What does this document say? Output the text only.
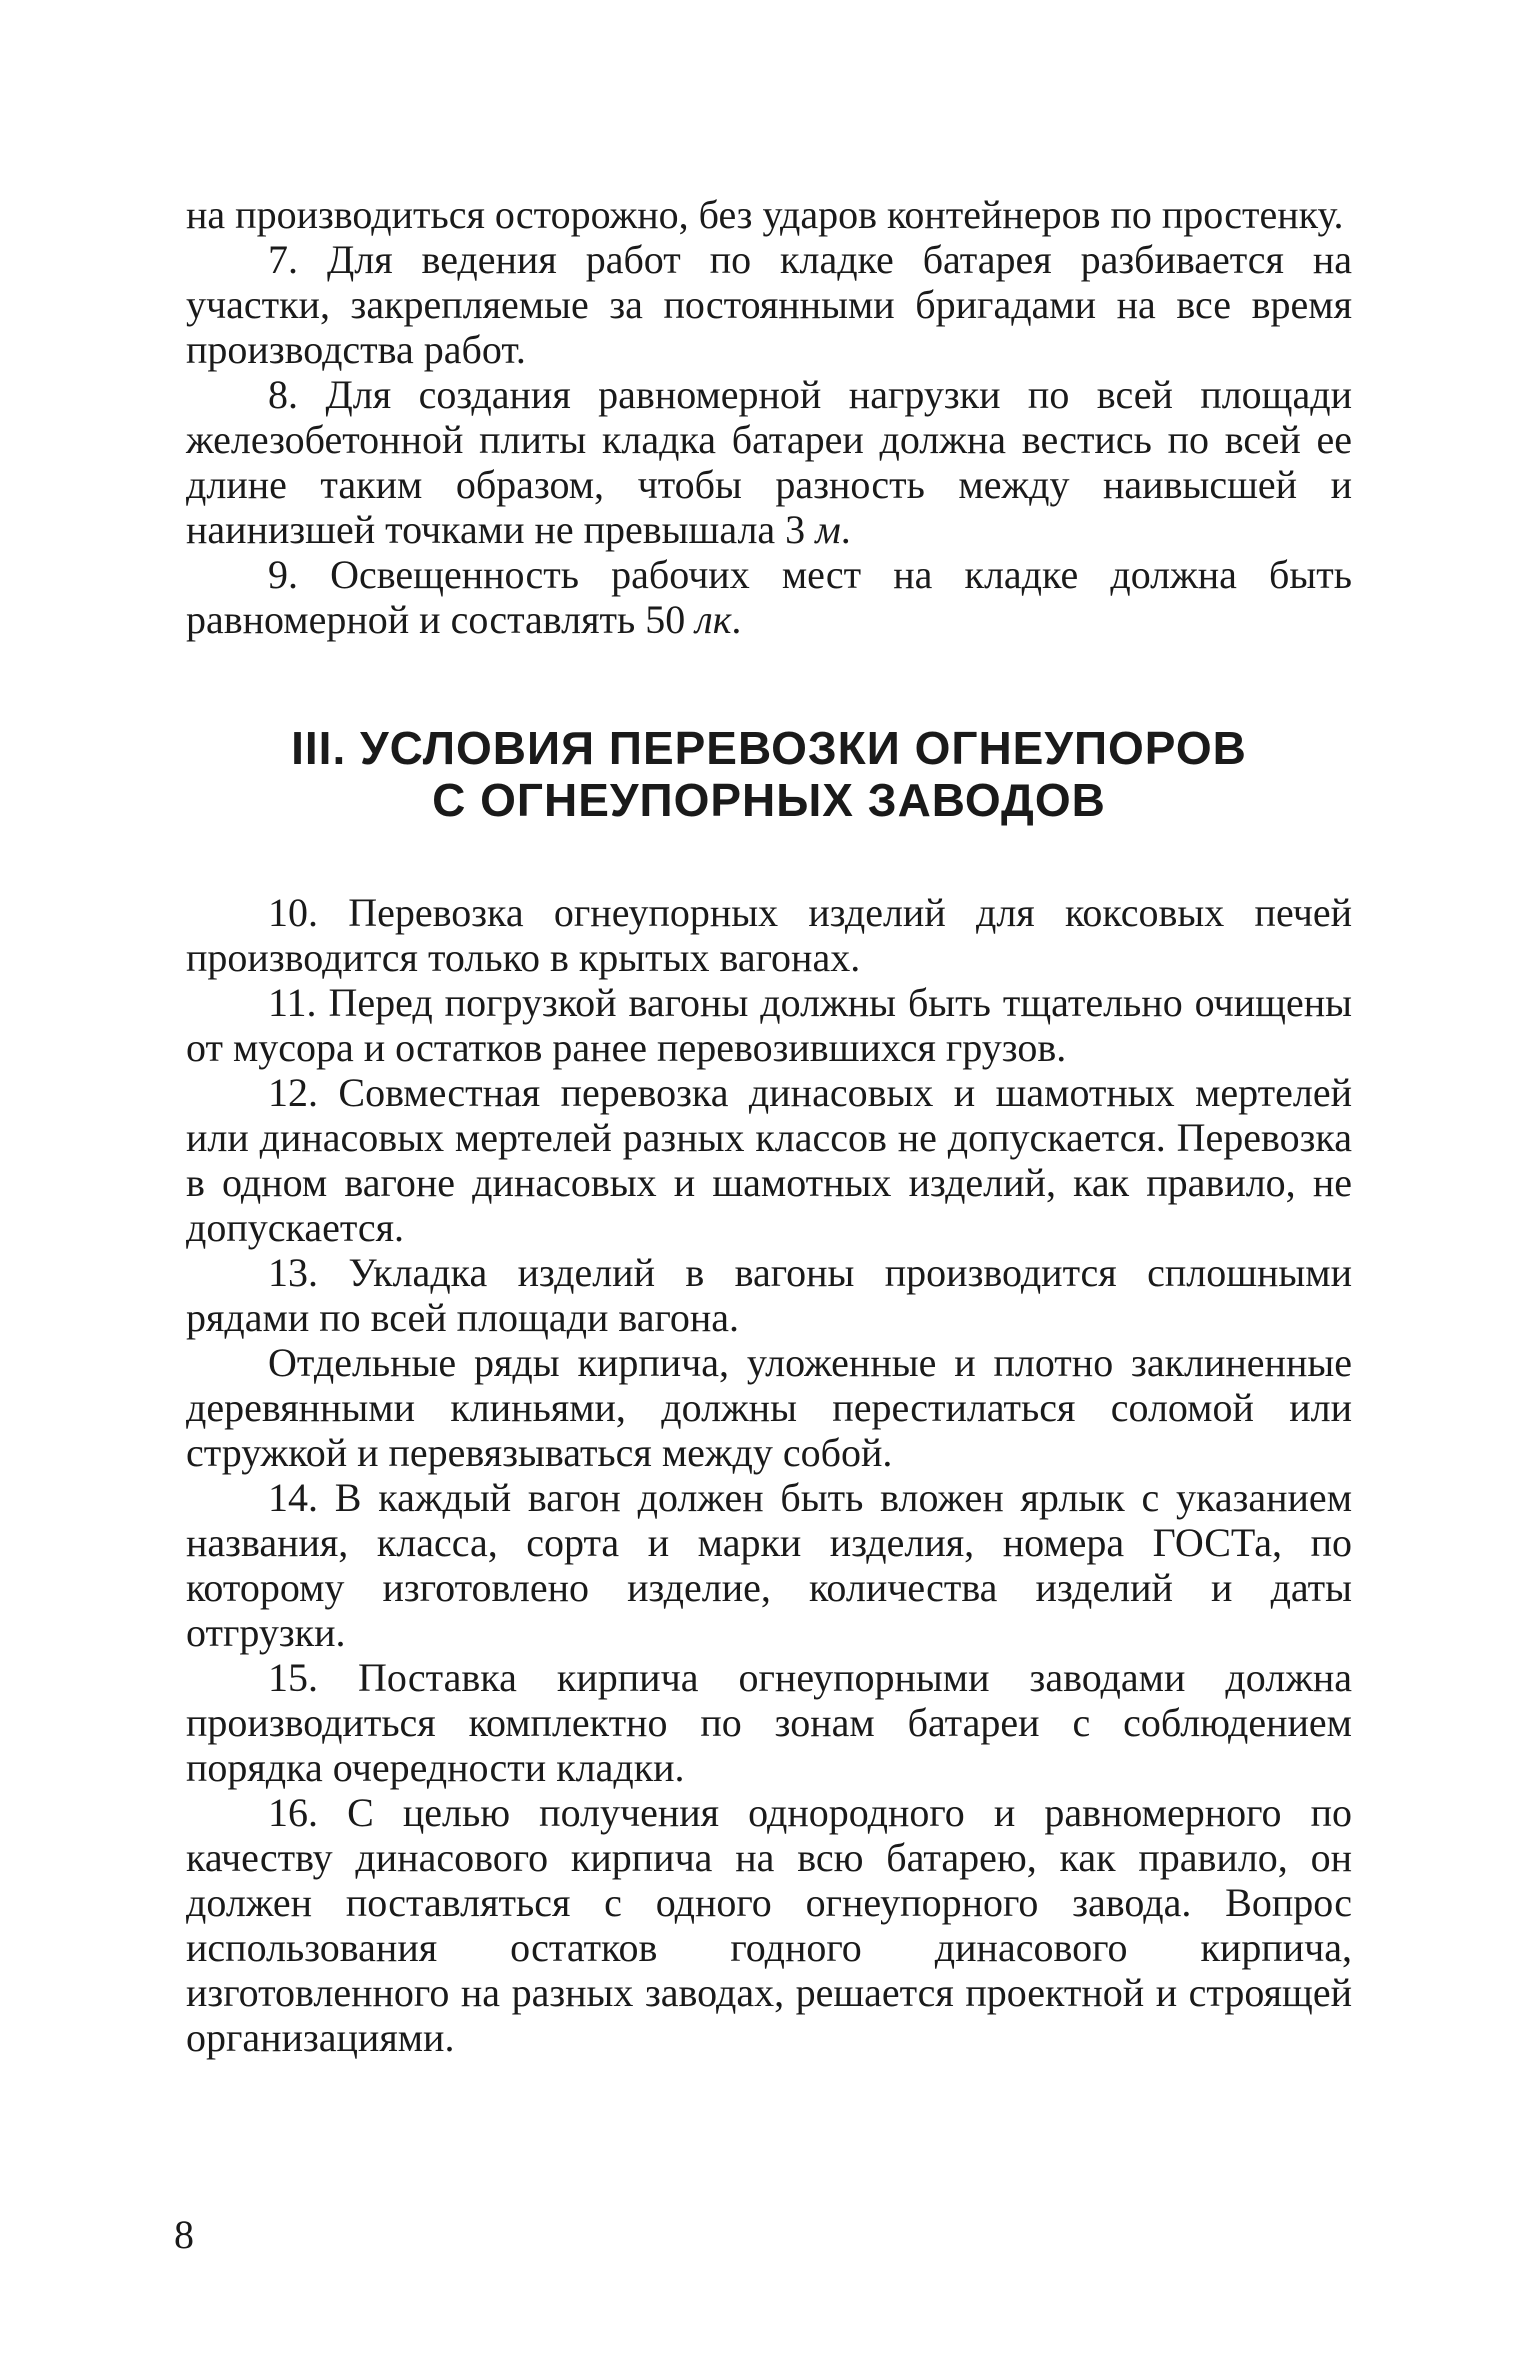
на производиться осторожно, без ударов контейнеров по простенку.

7. Для ведения работ по кладке батарея разбивается на участки, закрепляемые за постоянными бригадами на все время производства работ.

8. Для создания равномерной нагрузки по всей площади железобетонной плиты кладка батареи должна вестись по всей ее длине таким образом, чтобы разность между наивысшей и наинизшей точками не превышала 3 м.

9. Освещенность рабочих мест на кладке должна быть равномерной и составлять 50 лк.

III. УСЛОВИЯ ПЕРЕВОЗКИ ОГНЕУПОРОВ
С ОГНЕУПОРНЫХ ЗАВОДОВ

10. Перевозка огнеупорных изделий для коксовых печей производится только в крытых вагонах.

11. Перед погрузкой вагоны должны быть тщательно очищены от мусора и остатков ранее перевозившихся грузов.

12. Совместная перевозка динасовых и шамотных мертелей или динасовых мертелей разных классов не допускается. Перевозка в одном вагоне динасовых и шамотных изделий, как правило, не допускается.

13. Укладка изделий в вагоны производится сплошными рядами по всей площади вагона.

Отдельные ряды кирпича, уложенные и плотно заклиненные деревянными клиньями, должны перестилаться соломой или стружкой и перевязываться между собой.

14. В каждый вагон должен быть вложен ярлык с указанием названия, класса, сорта и марки изделия, номера ГОСТа, по которому изготовлено изделие, количества изделий и даты отгрузки.

15. Поставка кирпича огнеупорными заводами должна производиться комплектно по зонам батареи с соблюдением порядка очередности кладки.

16. С целью получения однородного и равномерного по качеству динасового кирпича на всю батарею, как правило, он должен поставляться с одного огнеупорного завода. Вопрос использования остатков годного динасового кирпича, изготовленного на разных заводах, решается проектной и строящей организациями.

8
